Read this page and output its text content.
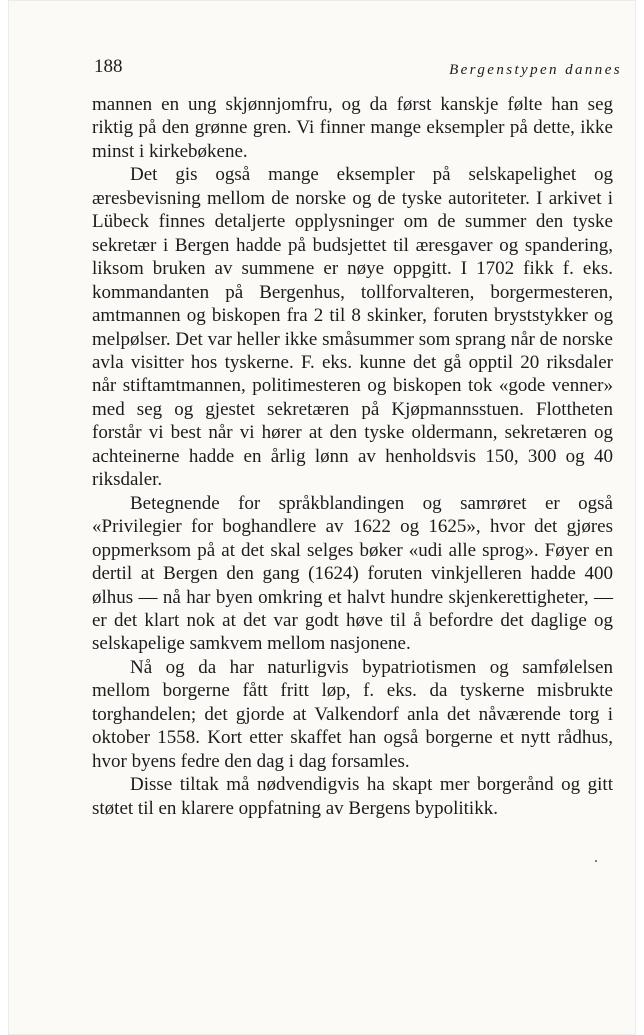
188	Bergenstypen dannes

mannen en ung skjønnjomfru, og da først kanskje følte han seg riktig på den grønne gren. Vi finner mange eksempler på dette, ikke minst i kirkebøkene.

Det gis også mange eksempler på selskapelighet og æresbevisning mellom de norske og de tyske autoriteter. I arkivet i Lübeck finnes detaljerte opplysninger om de summer den tyske sekretær i Bergen hadde på budsjettet til æresgaver og spandering, liksom bruken av summene er nøye oppgitt. I 1702 fikk f. eks. kommandanten på Bergenhus, tollforvalteren, borgermesteren, amtmannen og biskopen fra 2 til 8 skinker, foruten bryststykker og melpølser. Det var heller ikke småsummer som sprang når de norske avla visitter hos tyskerne. F. eks. kunne det gå opptil 20 riksdaler når stiftamtmannen, politimesteren og biskopen tok «gode venner» med seg og gjestet sekretæren på Kjøpmannsstuen. Flottheten forstår vi best når vi hører at den tyske oldermann, sekretæren og achteinerne hadde en årlig lønn av henholdsvis 150, 300 og 40 riksdaler.

Betegnende for språkblandingen og samrøret er også «Privilegier for boghandlere av 1622 og 1625», hvor det gjøres oppmerksom på at det skal selges bøker «udi alle sprog». Føyer en dertil at Bergen den gang (1624) foruten vinkjelleren hadde 400 ølhus — nå har byen omkring et halvt hundre skjenkerettigheter, — er det klart nok at det var godt høve til å befordre det daglige og selskapelige samkvem mellom nasjonene.

Nå og da har naturligvis bypatriotismen og samfølelsen mellom borgerne fått fritt løp, f. eks. da tyskerne misbrukte torghandelen; det gjorde at Valkendorf anla det nåværende torg i oktober 1558. Kort etter skaffet han også borgerne et nytt rådhus, hvor byens fedre den dag i dag forsamles.

Disse tiltak må nødvendigvis ha skapt mer borgerånd og gitt støtet til en klarere oppfatning av Bergens bypolitikk.
